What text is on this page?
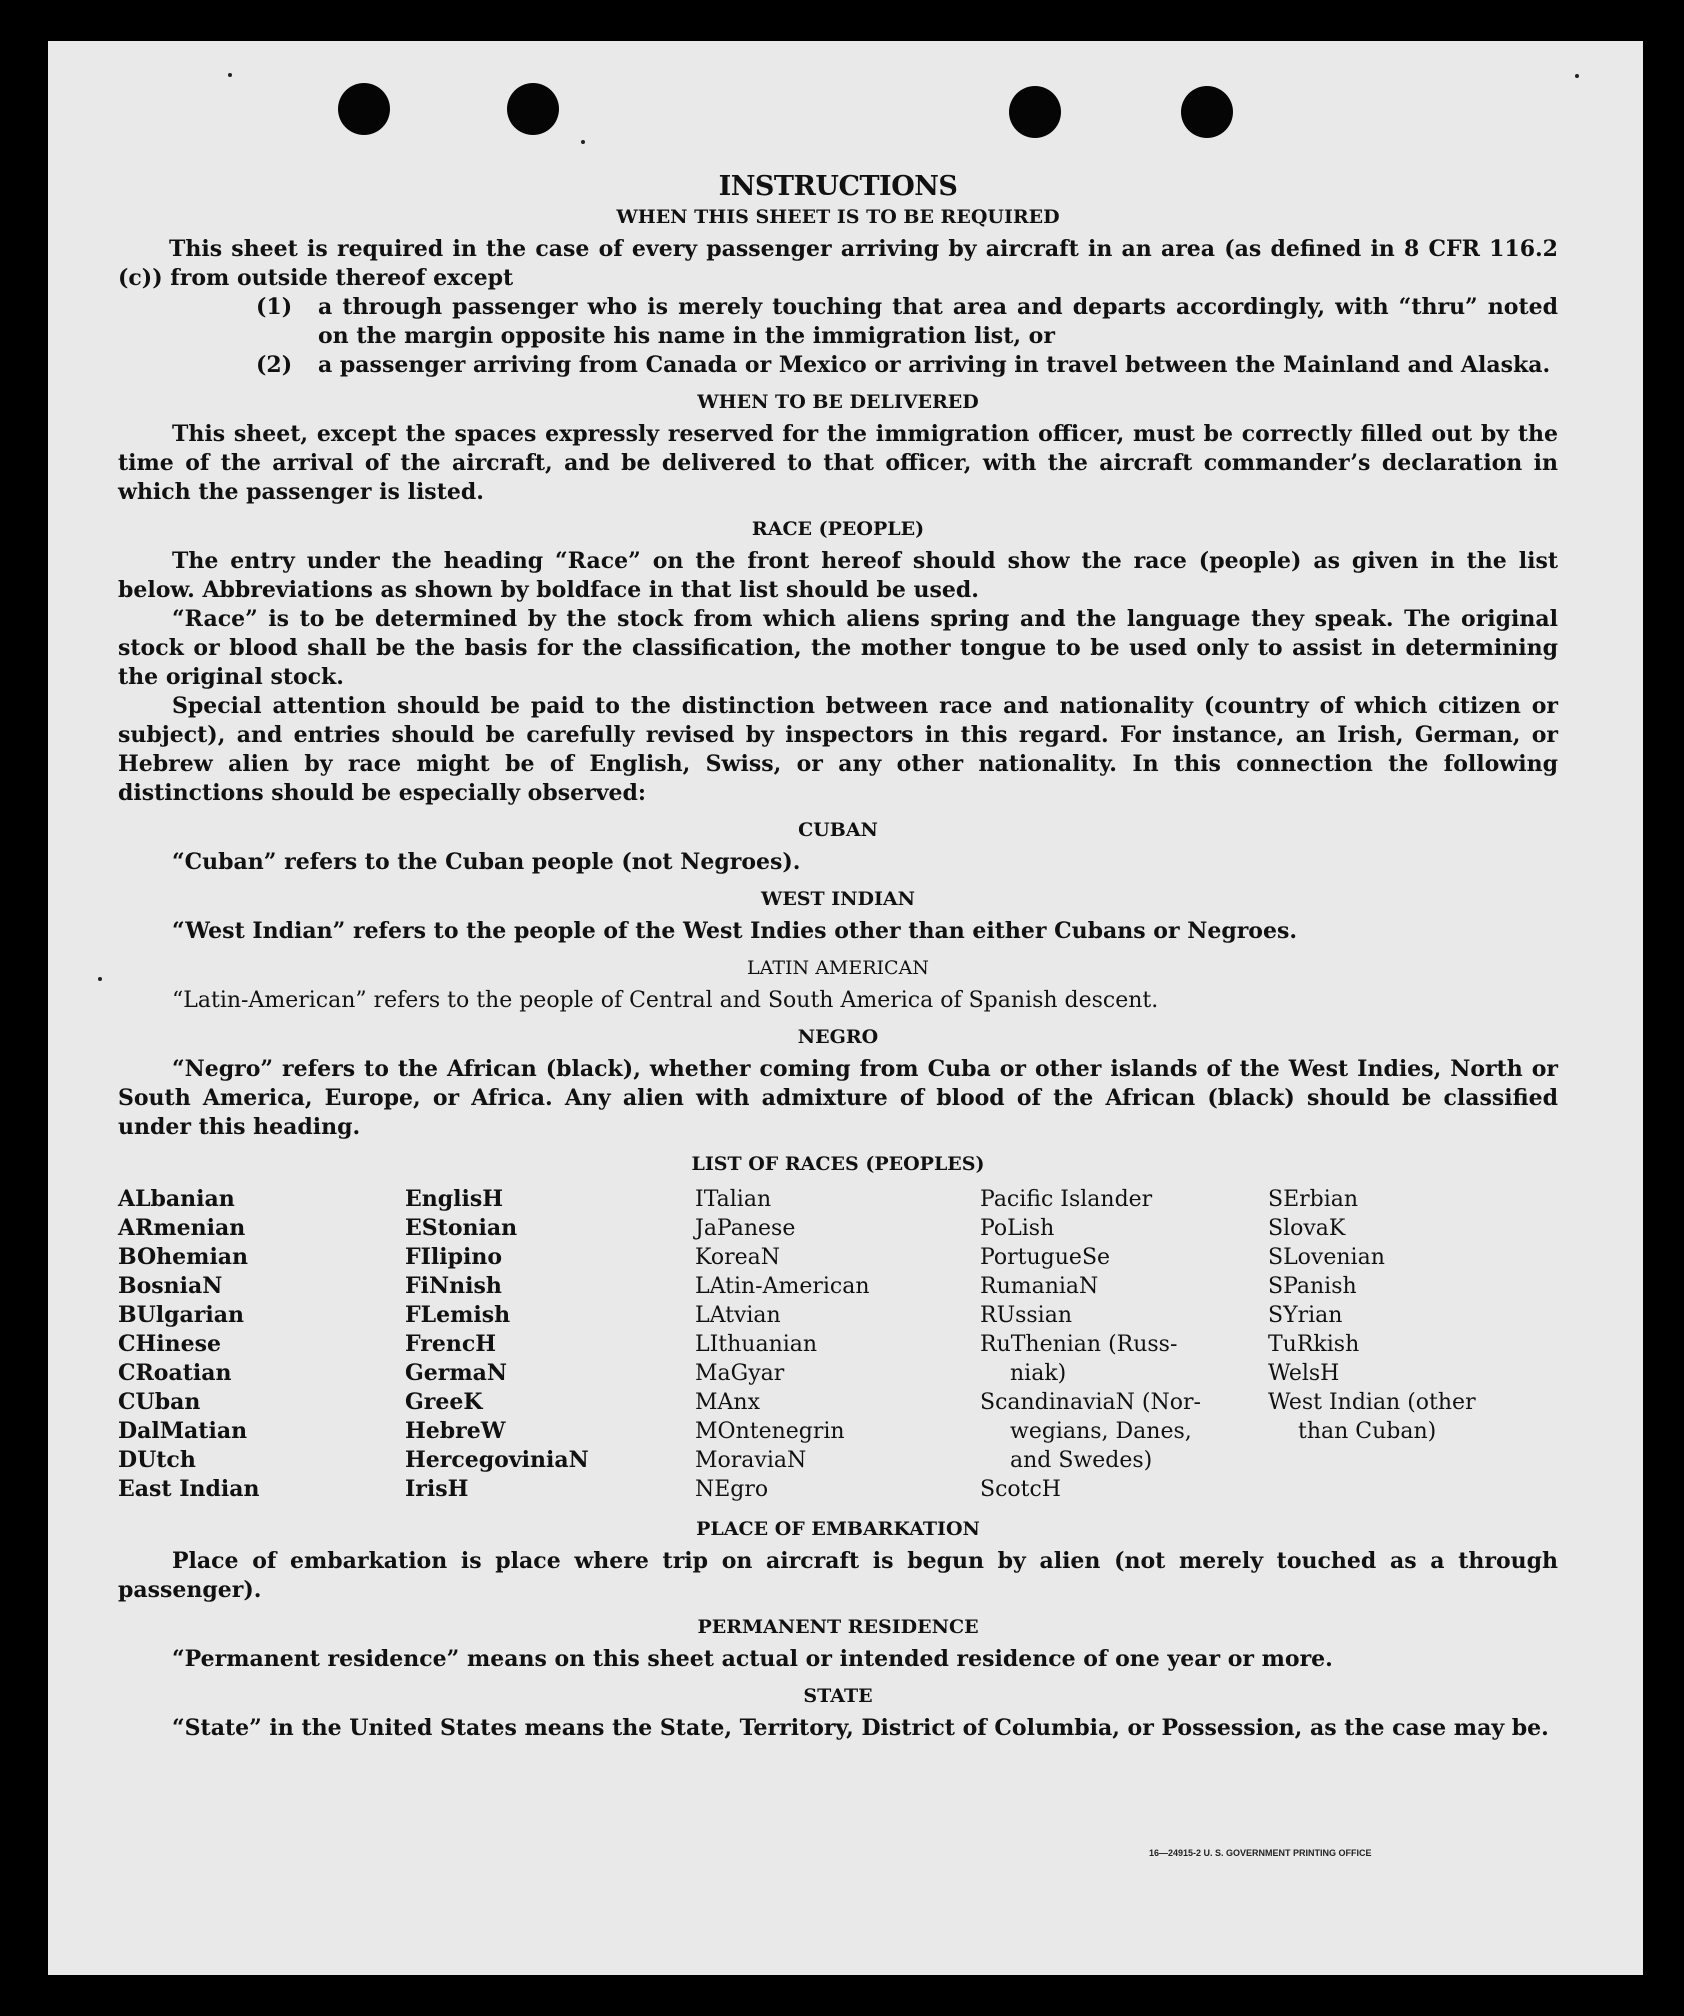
INSTRUCTIONS
WHEN THIS SHEET IS TO BE REQUIRED

This sheet is required in the case of every passenger arriving by aircraft in an area (as defined in 8 CFR 116.2 (c)) from outside thereof except

(1) a through passenger who is merely touching that area and departs accordingly, with “thru” noted on the margin opposite his name in the immigration list, or

(2) a passenger arriving from Canada or Mexico or arriving in travel between the Mainland and Alaska.

WHEN TO BE DELIVERED

This sheet, except the spaces expressly reserved for the immigration officer, must be correctly filled out by the time of the arrival of the aircraft, and be delivered to that officer, with the aircraft commander’s declaration in which the passenger is listed.

RACE (PEOPLE)

The entry under the heading “Race” on the front hereof should show the race (people) as given in the list below. Abbreviations as shown by boldface in that list should be used.

“Race” is to be determined by the stock from which aliens spring and the language they speak. The original stock or blood shall be the basis for the classification, the mother tongue to be used only to assist in determining the original stock.

Special attention should be paid to the distinction between race and nationality (country of which citizen or subject), and entries should be carefully revised by inspectors in this regard. For instance, an Irish, German, or Hebrew alien by race might be of English, Swiss, or any other nationality. In this connection the following distinctions should be especially observed:

CUBAN

“Cuban” refers to the Cuban people (not Negroes).

WEST INDIAN

“West Indian” refers to the people of the West Indies other than either Cubans or Negroes.

LATIN AMERICAN

“Latin-American” refers to the people of Central and South America of Spanish descent.

NEGRO

“Negro” refers to the African (black), whether coming from Cuba or other islands of the West Indies, North or South America, Europe, or Africa. Any alien with admixture of blood of the African (black) should be classified under this heading.

LIST OF RACES (PEOPLES)
ALbanian
ARmenian
BOhemian
BosniaN
BUlgarian
CHinese
CRoatian
CUban
DalMatian
DUtch
East Indian
EnglisH
EStonian
FIlipino
FiNnish
FLemish
FrencH
GermaN
GreeK
HebreW
HercegoviniaN
IrisH
ITalian
JaPanese
KoreaN
LAtin-American
LAtvian
LIthuanian
MaGyar
MAnx
MOntenegrin
MoraviaN
NEgro
Pacific Islander
PoLish
PortugueSe
RumaniaN
RUssian
RuThenian (Russ-
niak)
ScandinaviaN (Nor-
wegians, Danes,
and Swedes)
ScotcH
SErbian
SlovaK
SLovenian
SPanish
SYrian
TuRkish
WelsH
West Indian (other
than Cuban)
PLACE OF EMBARKATION

Place of embarkation is place where trip on aircraft is begun by alien (not merely touched as a through passenger).

PERMANENT RESIDENCE

“Permanent residence” means on this sheet actual or intended residence of one year or more.

STATE

“State” in the United States means the State, Territory, District of Columbia, or Possession, as the case may be.

16—24915-2 U. S. GOVERNMENT PRINTING OFFICE
